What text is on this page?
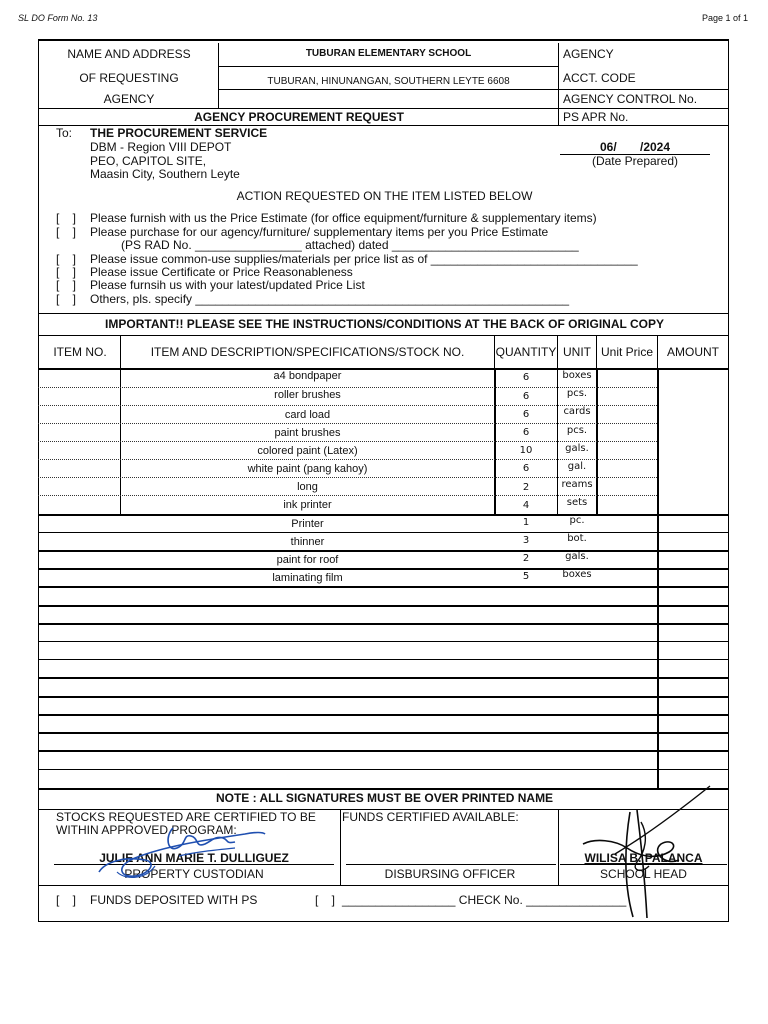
SL DO Form No. 13	Page 1 of 1
NAME AND ADDRESS
OF REQUESTING
AGENCY
TUBURAN ELEMENTARY SCHOOL
TUBURAN, HINUNANGAN, SOUTHERN LEYTE 6608
AGENCY
ACCT. CODE
AGENCY CONTROL No.
AGENCY PROCUREMENT REQUEST	PS APR No.
To: THE PROCUREMENT SERVICE
DBM - Region VIII DEPOT
PEO, CAPITOL SITE,
Maasin City, Southern Leyte
06/       /2024
(Date Prepared)
ACTION REQUESTED ON THE ITEM LISTED BELOW
[    ] Please furnish with us the Price Estimate (for office equipment/furniture & supplementary items)
[    ] Please purchase for our agency/furniture/ supplementary items per you Price Estimate
(PS RAD No. ________________ attached) dated ____________________________
[    ] Please issue common-use supplies/materials per price list as of _______________________________
[    ] Please issue Certificate or Price Reasonableness
[    ] Please furnsih us with your latest/updated Price List
[    ] Others, pls. specify ________________________________________________________
IMPORTANT!! PLEASE SEE THE INSTRUCTIONS/CONDITIONS AT THE BACK OF ORIGINAL COPY
ITEM NO.	ITEM AND DESCRIPTION/SPECIFICATIONS/STOCK NO.	QUANTITY UNIT Unit Price	AMOUNT
a4 bondpaper	6	boxes
roller brushes	6	pcs.
card load	6	cards
paint brushes	6	pcs.
colored paint (Latex)	10	gals.
white paint (pang kahoy)	6	gal.
long	2	reams
ink printer	4	sets
Printer	1	pc.
thinner	3	bot.
paint for roof	2	gals.
laminating film	5	boxes
NOTE : ALL SIGNATURES MUST BE OVER PRINTED NAME
STOCKS REQUESTED ARE CERTIFIED TO BE
WITHIN APPROVED PROGRAM:
FUNDS CERTIFIED AVAILABLE:
JULIE ANN MARIE T. DULLIGUEZ
PROPERTY CUSTODIAN	DISBURSING OFFICER
WILISA B. PALANCA
SCHOOL HEAD
[    ] FUNDS DEPOSITED WITH PS	[    ] _________________ CHECK No. _______________
